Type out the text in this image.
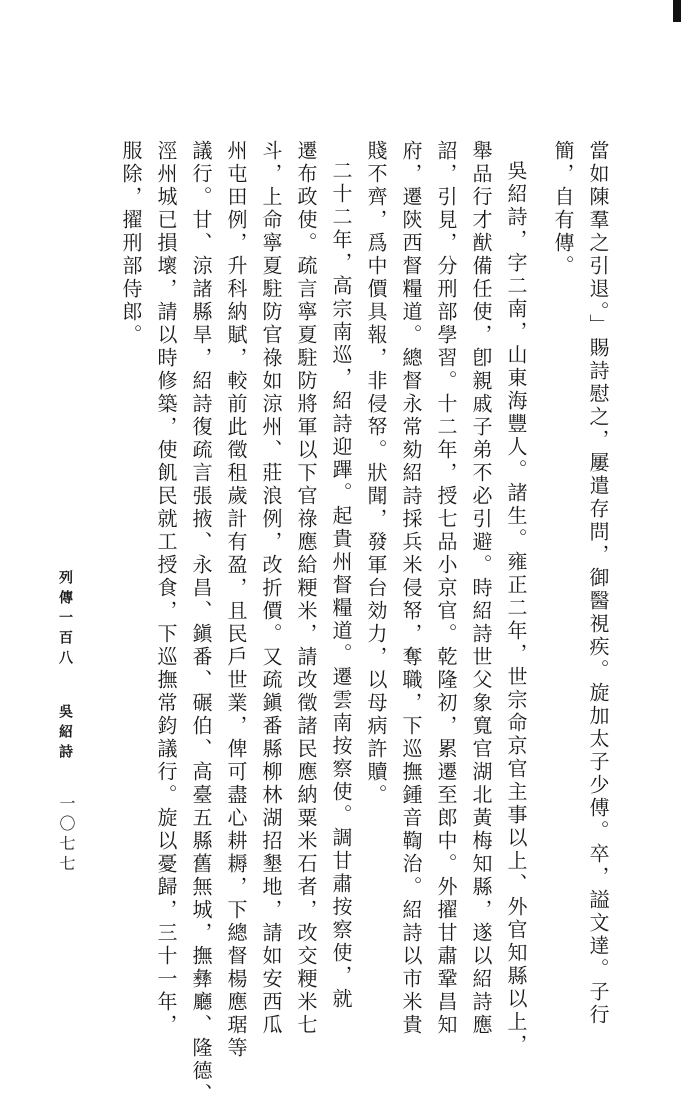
當如陳羣之引退。」賜詩慰之，屢遣存問，御醫視疾。旋加太子少傅。卒，謚文達。子行
簡，自有傳。
吳紹詩，字二南，山東海豐人。諸生。雍正二年，世宗命京官主事以上、外官知縣以上，
舉品行才猷備任使，卽親戚子弟不必引避。時紹詩世父象寬官湖北黃梅知縣，遂以紹詩應
詔，引見，分刑部學習。十二年，授七品小京官。乾隆初，累遷至郎中。外擢甘肅鞏昌知
府，遷陝西督糧道。總督永常劾紹詩採兵米侵帑，奪職，下巡撫鍾音鞫治。紹詩以市米貴
賤不齊，爲中價具報，非侵帑。狀聞，發軍台効力，以母病許贖。
二十二年，高宗南巡，紹詩迎蹕。起貴州督糧道。遷雲南按察使。調甘肅按察使，就
遷布政使。疏言寧夏駐防將軍以下官祿應給粳米，請改徵諸民應納粟米石者，改交粳米七
斗，上命寧夏駐防官祿如涼州、莊浪例，改折價。又疏鎭番縣柳林湖招墾地，請如安西瓜
州屯田例，升科納賦，較前此徵租歲計有盈，且民戶世業，俾可盡心耕耨，下總督楊應琚等
議行。甘、涼諸縣旱，紹詩復疏言張掖、永昌、鎭番、碾伯、高臺五縣舊無城，撫彝廳、隆德、
涇州城已損壞，請以時修築，使飢民就工授食，下巡撫常鈞議行。旋以憂歸，三十一年，
服除，擢刑部侍郎。
列傳一百八吳紹詩
一〇七七
